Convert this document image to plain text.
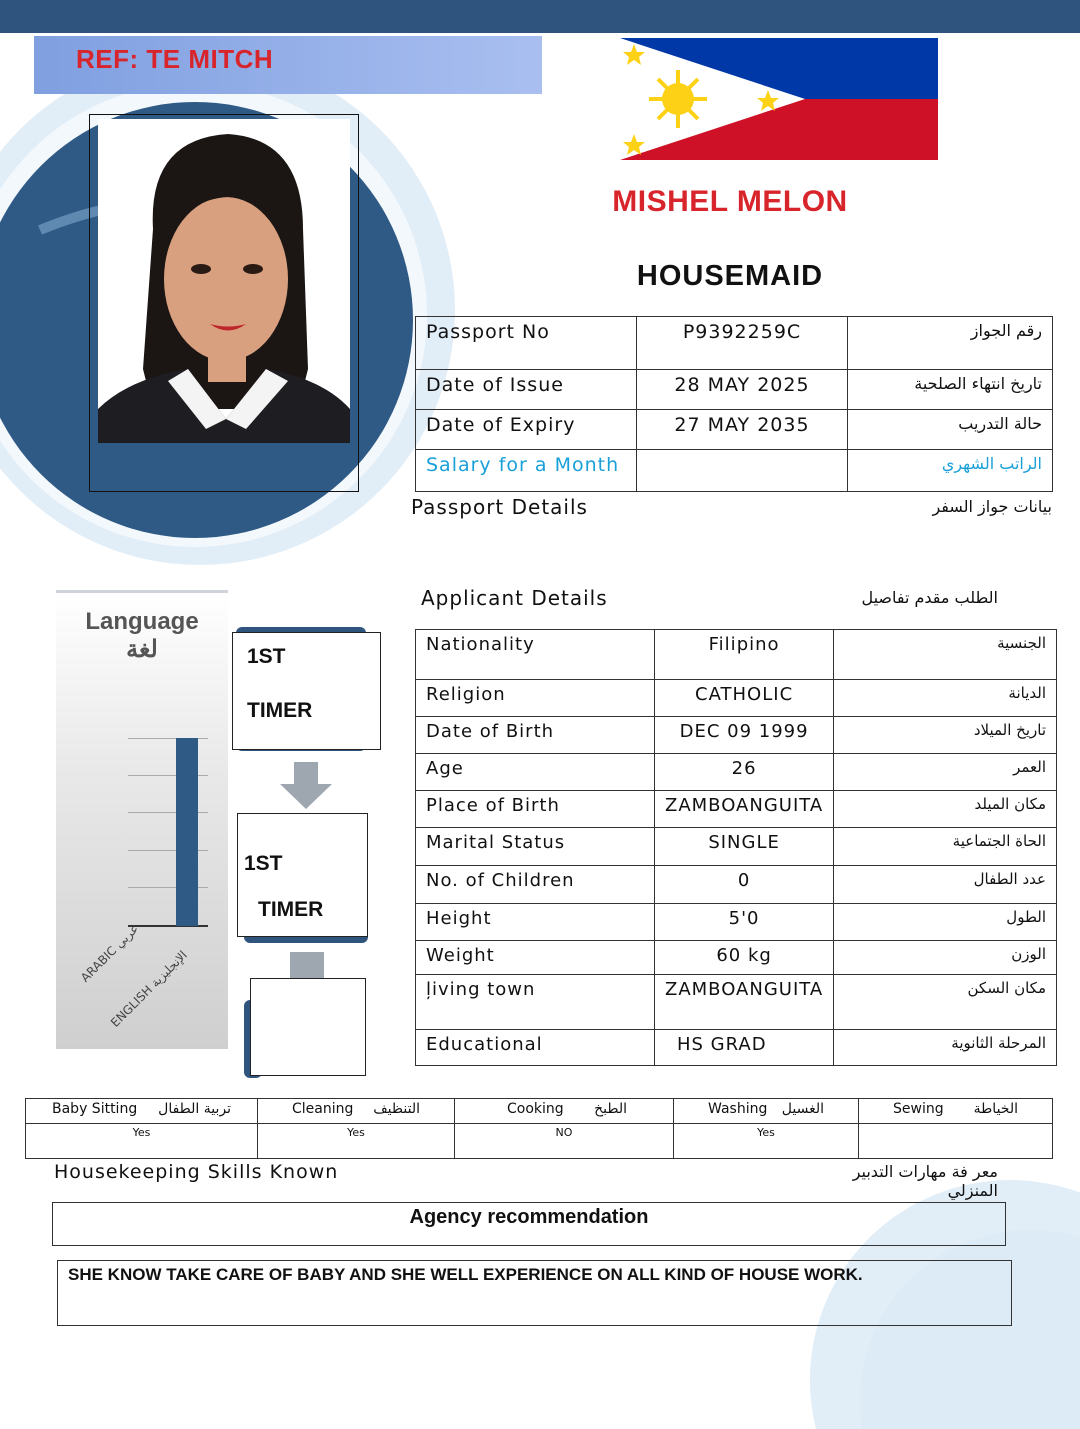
REF: TE MITCH
MISHEL MELON
HOUSEMAID
Passport No	P9392259C	رقم الجواز
Date of Issue	28 MAY 2025	تاريخ انتهاء الصلحية
Date of Expiry	27 MAY 2035	حالة التدريب
Salary for a Month		الراتب الشهري
Passport Details	بيانات جواز السفر
Applicant Details	الطلب مقدم تفاصيل
Nationality	Filipino	الجنسية
Religion	CATHOLIC	الديانة
Date of Birth	DEC 09 1999	تاريخ الميلاد
Age	26	العمر
Place of Birth	ZAMBOANGUITA	مكان الميلد
Marital Status	SINGLE	الحاة الجتماعية
No. of Children	0	عدد الطفال
Height	5'0	الطول
Weight	60 kg	الوزن
ļiving town	ZAMBOANGUITA	مكان السكن
Educational	HS GRAD	المرحلة الثانوية
Language
لغة
ARABIC عربي
ENGLISH الإنجليزية
1ST
TIMER
1ST
TIMER
Baby Sitting تربية الطفال	Cleaning التنظيف	Cooking الطبخ	Washing الغسيل	Sewing الخياطة

Yes	Yes	NO	Yes	
Housekeeping Skills Known	معر فة مهارات التدبير المنزلي
Agency recommendation
SHE KNOW TAKE CARE OF BABY AND SHE WELL EXPERIENCE ON ALL KIND OF HOUSE WORK.
